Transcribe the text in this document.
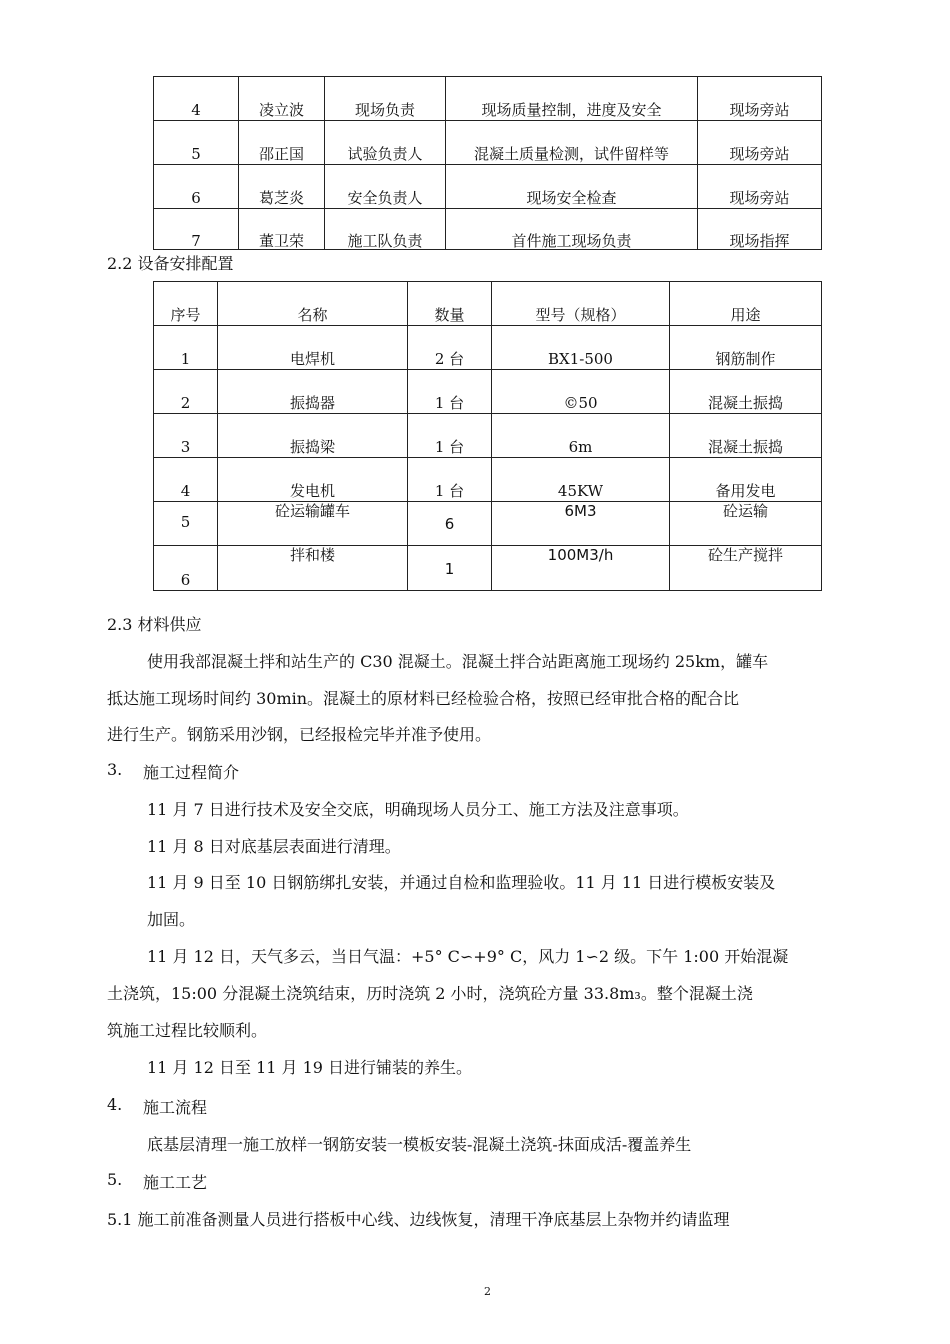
4	凌立波	现场负责	现场质量控制，进度及安全	现场旁站
5	邵正国	试验负责人	混凝土质量检测，试件留样等	现场旁站
6	葛芝炎	安全负责人	现场安全检查	现场旁站
7	董卫荣	施工队负责	首件施工现场负责	现场指挥
2.2 设备安排配置
序号	名称	数量	型号（规格）	用途
1	电焊机	2 台	BX1-500	钢筋制作
2	振捣器	1 台	©50	混凝土振捣
3	振捣梁	1 台	6m	混凝土振捣
4	发电机	1 台	45KW	备用发电
5	砼运输罐车	6	6M3	砼运输
6	拌和楼	1	100M3/h	砼生产搅拌
2.3 材料供应
使用我部混凝土拌和站生产的 C30 混凝土。混凝土拌合站距离施工现场约 25km，罐车
抵达施工现场时间约 30min。混凝土的原材料已经检验合格，按照已经审批合格的配合比
进行生产。钢筋采用沙钢，已经报检完毕并准予使用。
3. 施工过程简介
11 月 7 日进行技术及安全交底，明确现场人员分工、施工方法及注意事项。
11 月 8 日对底基层表面进行清理。
11 月 9 日至 10 日钢筋绑扎安装，并通过自检和监理验收。11 月 11 日进行模板安装及
加固。
11 月 12 日，天气多云，当日气温：+5° C∽+9° C，风力 1∽2 级。下午 1:00 开始混凝
土浇筑，15:00 分混凝土浇筑结束，历时浇筑 2 小时，浇筑砼方量 33.8m₃。整个混凝土浇
筑施工过程比较顺利。
11 月 12 日至 11 月 19 日进行铺装的养生。
4. 施工流程
底基层清理一施工放样一钢筋安装一模板安装-混凝土浇筑-抹面成活-覆盖养生
5. 施工工艺
5.1 施工前准备测量人员进行搭板中心线、边线恢复，清理干净底基层上杂物并约请监理
2
